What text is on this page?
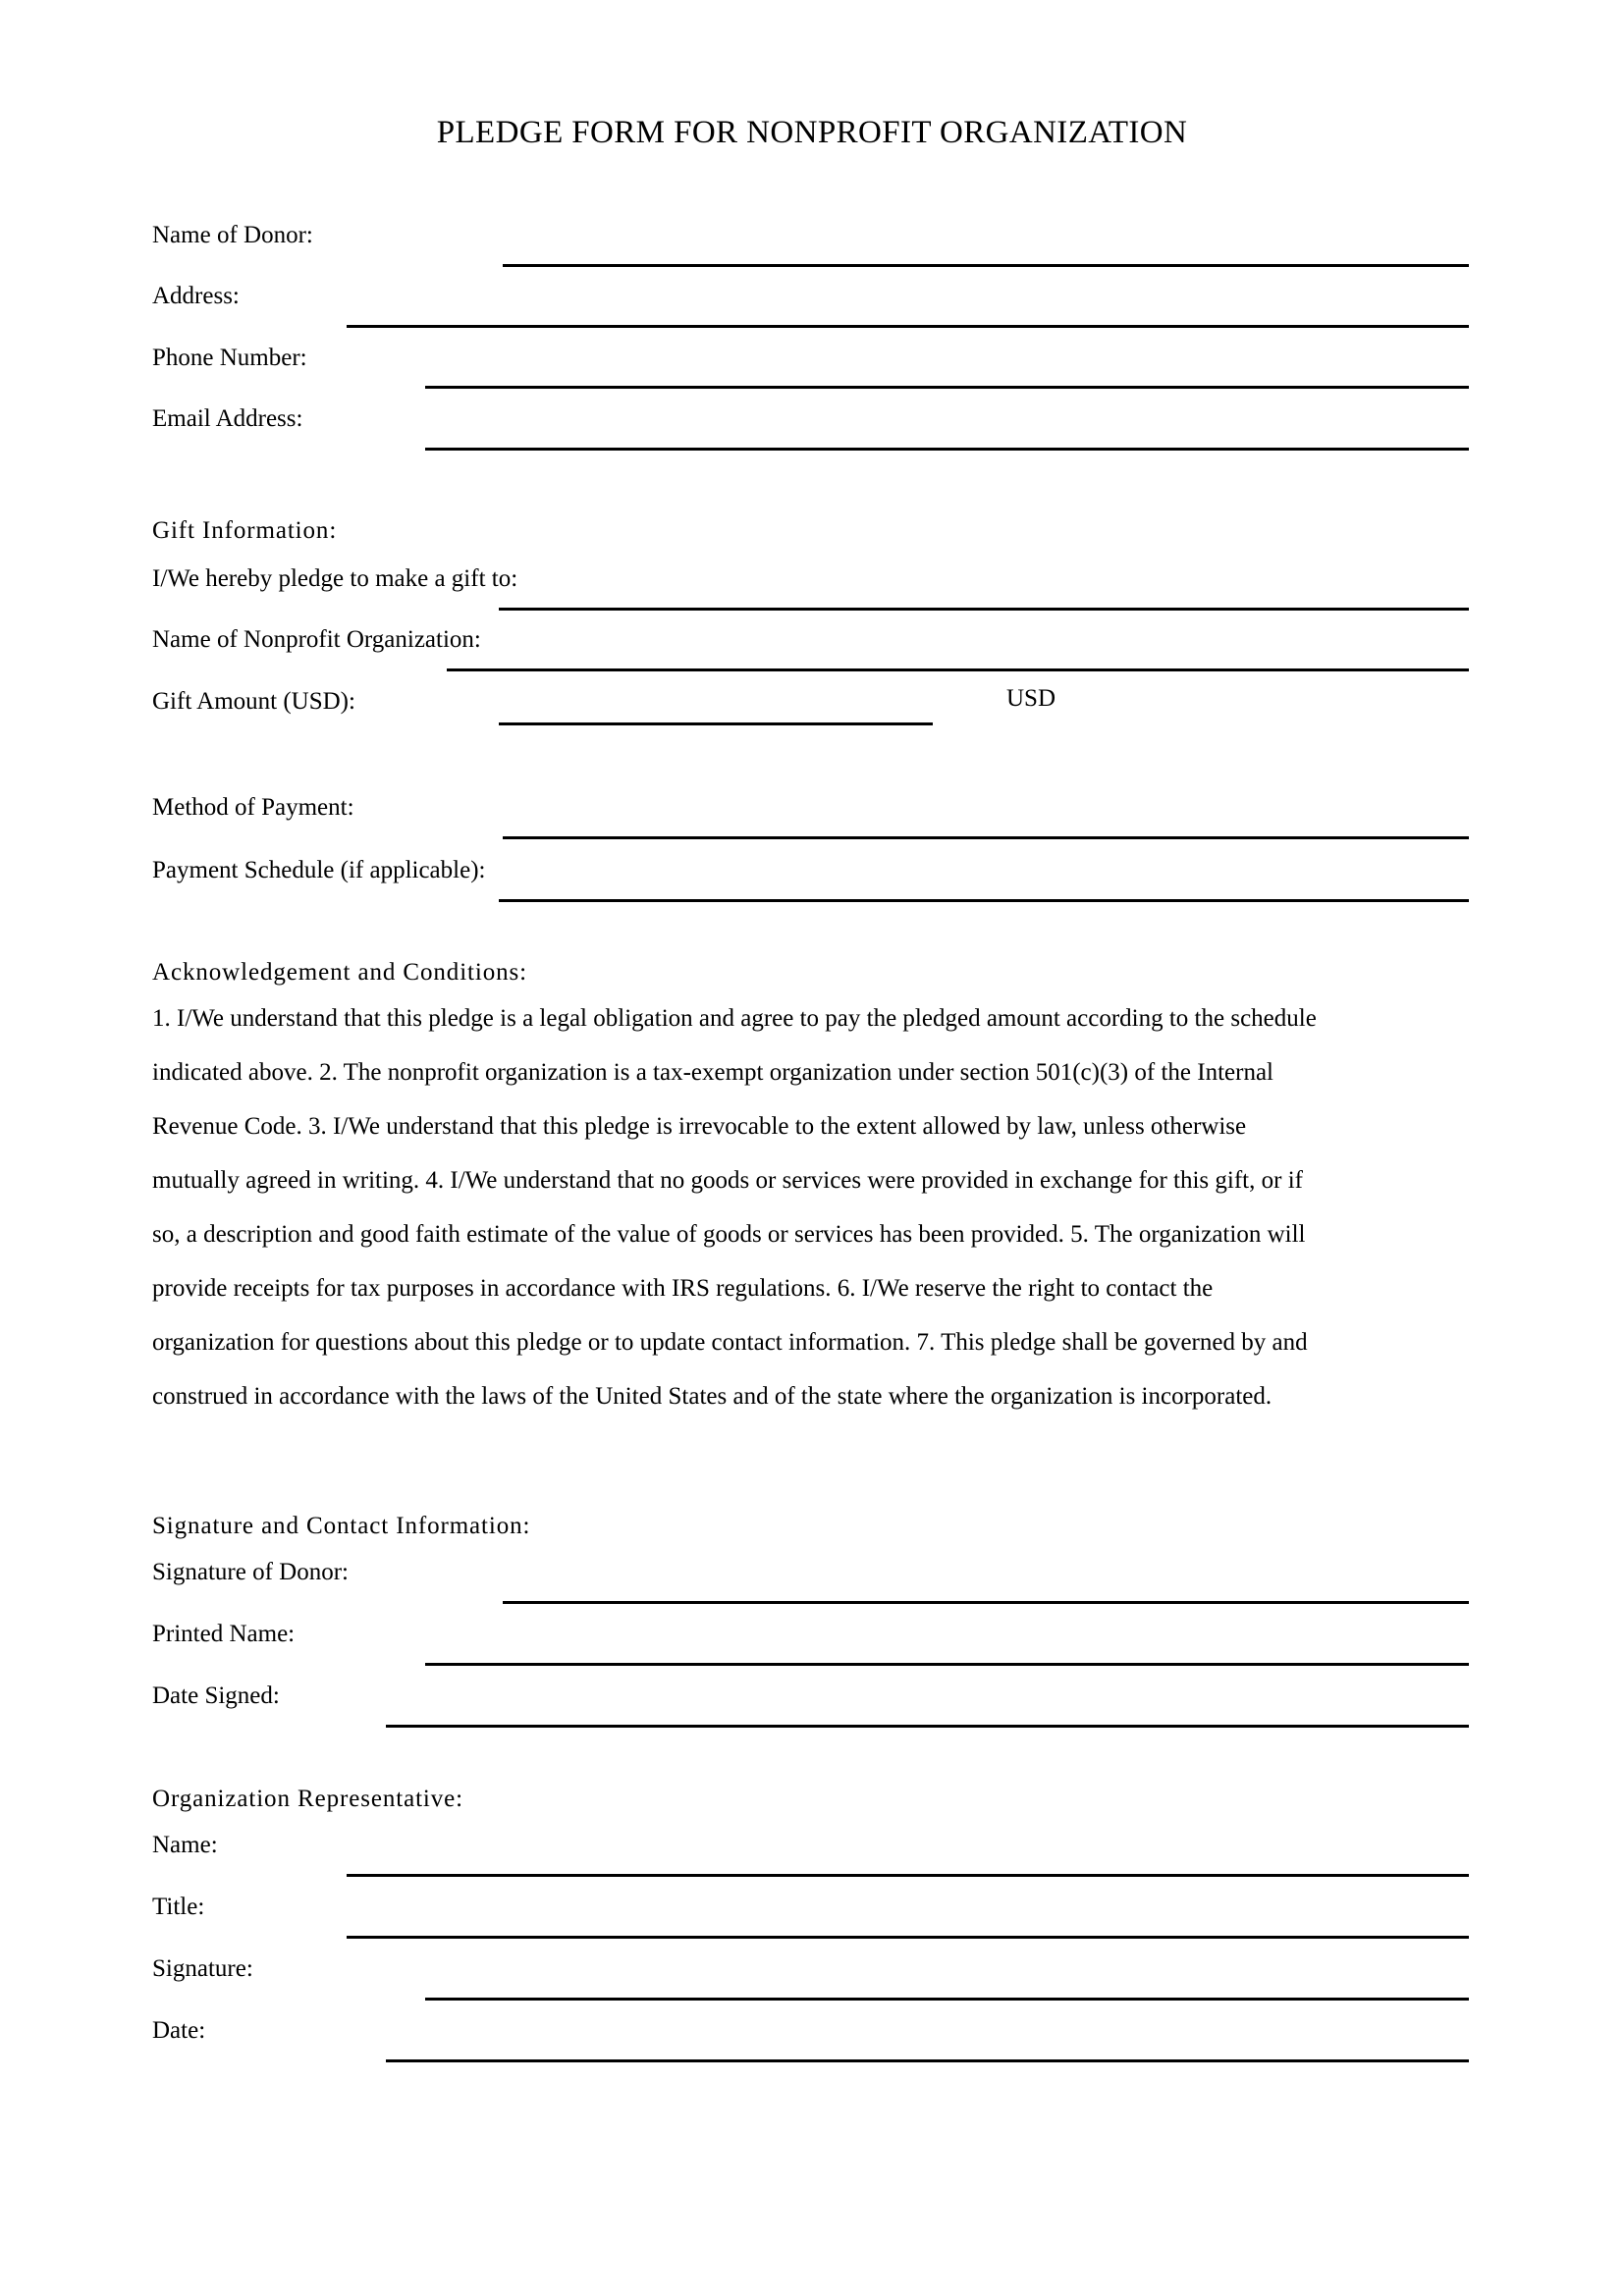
PLEDGE FORM FOR NONPROFIT ORGANIZATION
Name of Donor:
Address:
Phone Number:
Email Address:
Gift Information:
I/We hereby pledge to make a gift to:
Name of Nonprofit Organization:
Gift Amount (USD):	USD
Method of Payment:
Payment Schedule (if applicable):
Acknowledgement and Conditions:
1. I/We understand that this pledge is a legal obligation and agree to pay the pledged amount according to the schedule
indicated above. 2. The nonprofit organization is a tax-exempt organization under section 501(c)(3) of the Internal
Revenue Code. 3. I/We understand that this pledge is irrevocable to the extent allowed by law, unless otherwise
mutually agreed in writing. 4. I/We understand that no goods or services were provided in exchange for this gift, or if
so, a description and good faith estimate of the value of goods or services has been provided. 5. The organization will
provide receipts for tax purposes in accordance with IRS regulations. 6. I/We reserve the right to contact the
organization for questions about this pledge or to update contact information. 7. This pledge shall be governed by and
construed in accordance with the laws of the United States and of the state where the organization is incorporated.
Signature and Contact Information:
Signature of Donor:
Printed Name:
Date Signed:
Organization Representative:
Name:
Title:
Signature:
Date:
